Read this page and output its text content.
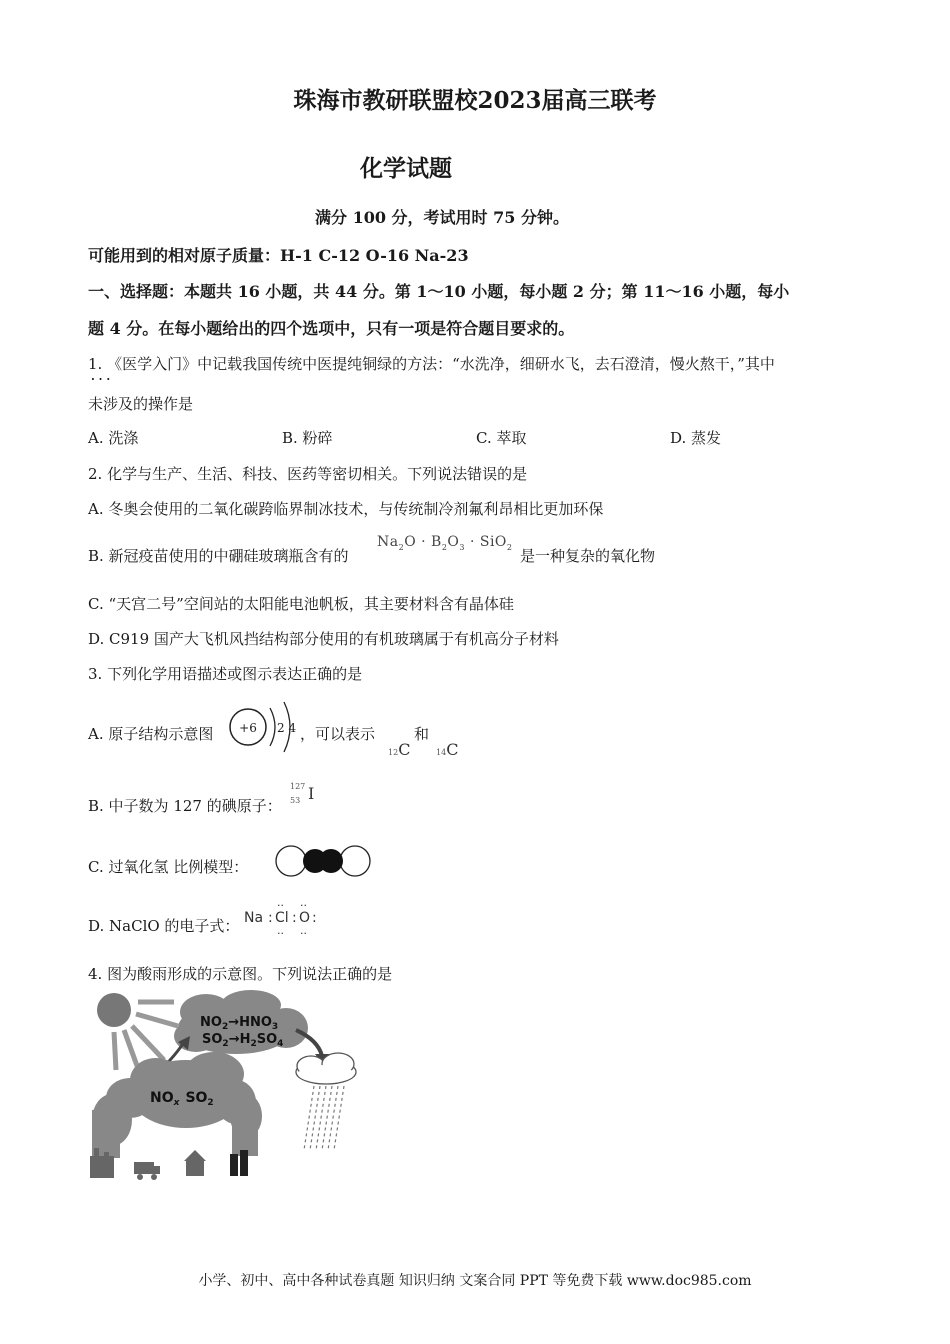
珠海市教研联盟校2023届高三联考
化学试题
满分 100 分，考试用时 75 分钟。
可能用到的相对原子质量：H-1 C-12 O-16 Na-23
一、选择题：本题共 16 小题，共 44 分。第 1～10 小题，每小题 2 分；第 11～16 小题，每小
题 4 分。在每小题给出的四个选项中，只有一项是符合题目要求的。
1. 《医学入门》中记载我国传统中医提纯铜绿的方法：“水洗净，细研水飞，去石澄清，慢火熬干，”其中
. . .
未涉及的操作是
A. 洗涤	B. 粉碎	C. 萃取	D. 蒸发
2. 化学与生产、生活、科技、医药等密切相关。下列说法错误的是
A. 冬奥会使用的二氧化碳跨临界制冰技术，与传统制冷剂氟利昂相比更加环保
B. 新冠疫苗使用的中硼硅玻璃瓶含有的
$Na_2O \cdot B_2O_3 \cdot SiO_2$ 是一种复杂的氧化物
C. “天宫二号”空间站的太阳能电池帆板，其主要材料含有晶体硅
D. C919 国产大飞机风挡结构部分使用的有机玻璃属于有机高分子材料
3. 下列化学用语描述或图示表达正确的是
A. 原子结构示意图 +6 2 4 ，可以表示
12C
和
14C
B. 中子数为 127 的碘原子：
127
53 I
C. 过氧化氢 比例模型：
D. NaClO 的电子式： Na : Cl : O :
.. ..
.. ..
4. 图为酸雨形成的示意图。下列说法正确的是
$NO_2\to HNO_3$
$SO_2\to H_2SO_4$
$NO_x$ $SO_2$
小学、初中、高中各种试卷真题 知识归纳 文案合同 PPT 等免费下载 www.doc985.com
